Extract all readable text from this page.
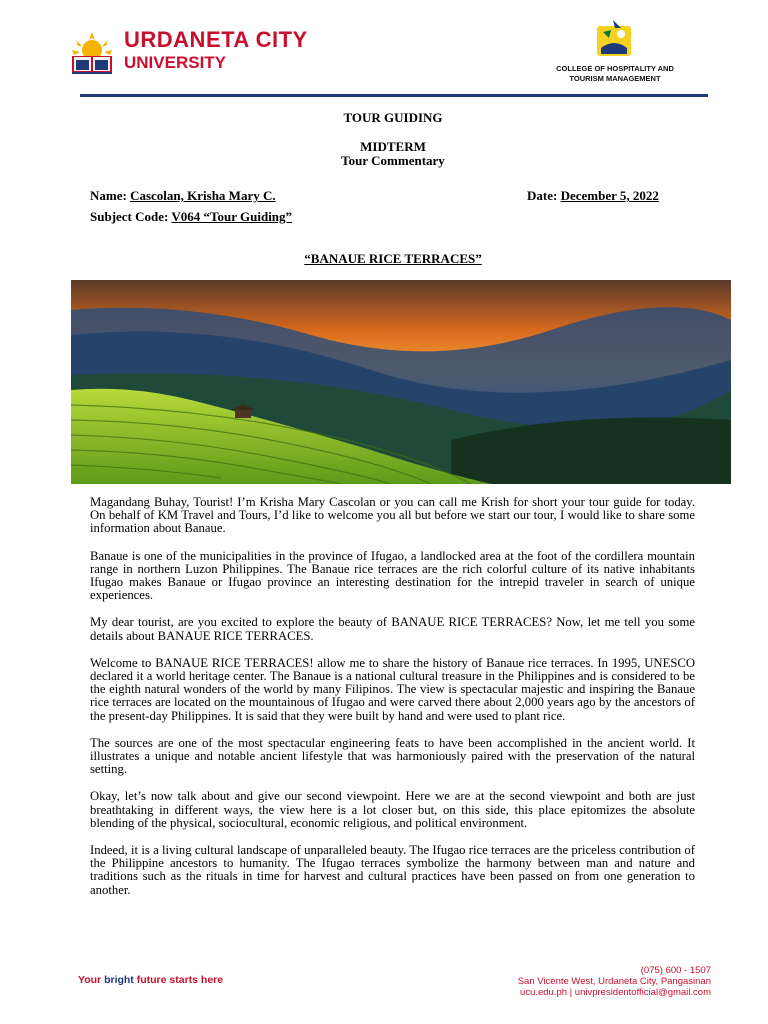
URDANETA CITY
UNIVERSITY	COLLEGE OF HOSPITALITY AND
TOURISM MANAGEMENT
TOUR GUIDING
MIDTERM
Tour Commentary
Name: Cascolan, Krisha Mary C.	Date: December 5, 2022
Subject Code: V064 “Tour Guiding”
“BANAUE RICE TERRACES”

Magandang Buhay, Tourist! I’m Krisha Mary Cascolan or you can call me Krish for short your tour guide for today. On behalf of KM Travel and Tours, I’d like to welcome you all but before we start our tour, I would like to share some information about Banaue.

Banaue is one of the municipalities in the province of Ifugao, a landlocked area at the foot of the cordillera mountain range in northern Luzon Philippines. The Banaue rice terraces are the rich colorful culture of its native inhabitants Ifugao makes Banaue or Ifugao province an interesting destination for the intrepid traveler in search of unique experiences.

My dear tourist, are you excited to explore the beauty of BANAUE RICE TERRACES? Now, let me tell you some details about BANAUE RICE TERRACES.

Welcome to BANAUE RICE TERRACES! allow me to share the history of Banaue rice terraces. In 1995, UNESCO declared it a world heritage center. The Banaue is a national cultural treasure in the Philippines and is considered to be the eighth natural wonders of the world by many Filipinos. The view is spectacular majestic and inspiring the Banaue rice terraces are located on the mountainous of Ifugao and were carved there about 2,000 years ago by the ancestors of the present-day Philippines. It is said that they were built by hand and were used to plant rice.

The sources are one of the most spectacular engineering feats to have been accomplished in the ancient world. It illustrates a unique and notable ancient lifestyle that was harmoniously paired with the preservation of the natural setting.

Okay, let’s now talk about and give our second viewpoint. Here we are at the second viewpoint and both are just breathtaking in different ways, the view here is a lot closer but, on this side, this place epitomizes the absolute blending of the physical, sociocultural, economic religious, and political environment.

Indeed, it is a living cultural landscape of unparalleled beauty. The Ifugao rice terraces are the priceless contribution of the Philippine ancestors to humanity. The Ifugao terraces symbolize the harmony between man and nature and traditions such as the rituals in time for harvest and cultural practices have been passed on from one generation to another.

Your bright future starts here
(075) 600 - 1507
San Vicente West, Urdaneta City, Pangasinan
ucu.edu.ph | univpresidentofficial@gmail.com
